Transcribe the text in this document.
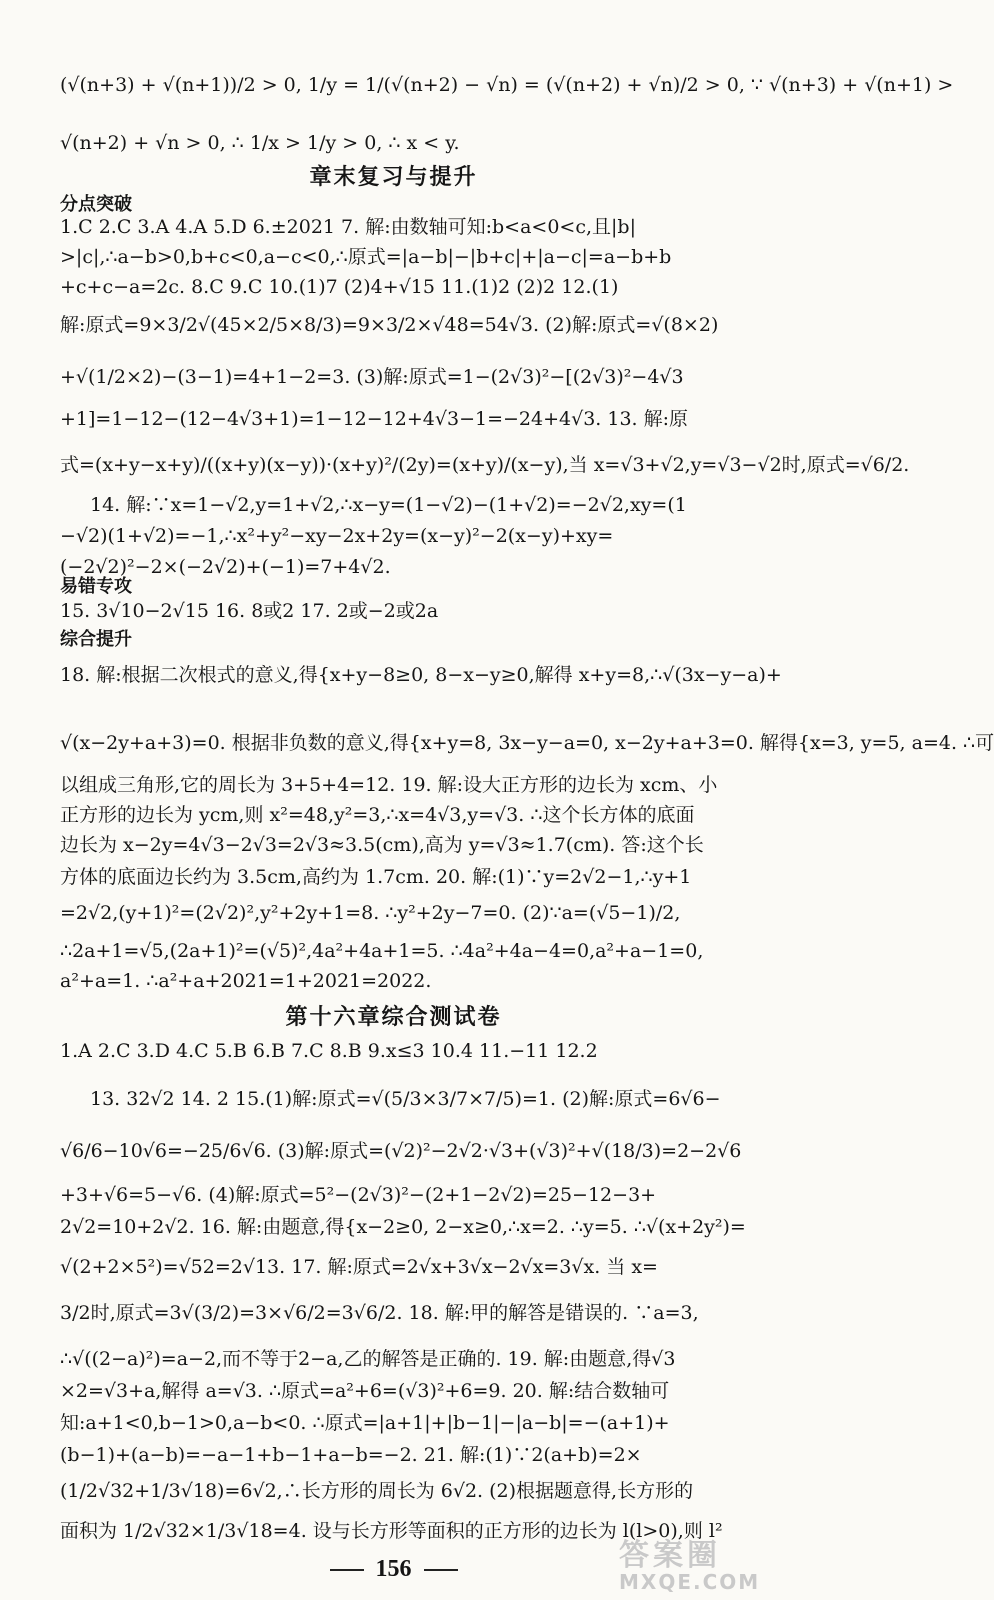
(√(n+3) + √(n+1))/2 > 0, 1/y = 1/(√(n+2) − √n) = (√(n+2) + √n)/2 > 0, ∵ √(n+3) + √(n+1) >
√(n+2) + √n > 0, ∴ 1/x > 1/y > 0, ∴ x < y.
章末复习与提升
分点突破
1.C 2.C 3.A 4.A 5.D 6.±2021 7. 解:由数轴可知:b<a<0<c,且|b|
>|c|,∴a−b>0,b+c<0,a−c<0,∴原式=|a−b|−|b+c|+|a−c|=a−b+b
+c+c−a=2c. 8.C 9.C 10.(1)7 (2)4+√15 11.(1)2 (2)2 12.(1)
解:原式=9×3/2√(45×2/5×8/3)=9×3/2×√48=54√3. (2)解:原式=√(8×2)
+√(1/2×2)−(3−1)=4+1−2=3. (3)解:原式=1−(2√3)²−[(2√3)²−4√3
+1]=1−12−(12−4√3+1)=1−12−12+4√3−1=−24+4√3. 13. 解:原
式=(x+y−x+y)/((x+y)(x−y))·(x+y)²/(2y)=(x+y)/(x−y),当 x=√3+√2,y=√3−√2时,原式=√6/2.
14. 解:∵x=1−√2,y=1+√2,∴x−y=(1−√2)−(1+√2)=−2√2,xy=(1
−√2)(1+√2)=−1,∴x²+y²−xy−2x+2y=(x−y)²−2(x−y)+xy=
(−2√2)²−2×(−2√2)+(−1)=7+4√2.
易错专攻
15. 3√10−2√15 16. 8或2 17. 2或−2或2a
综合提升
18. 解:根据二次根式的意义,得{x+y−8≥0, 8−x−y≥0,解得 x+y=8,∴√(3x−y−a)+
√(x−2y+a+3)=0. 根据非负数的意义,得{x+y=8, 3x−y−a=0, x−2y+a+3=0. 解得{x=3, y=5, a=4. ∴可
以组成三角形,它的周长为 3+5+4=12. 19. 解:设大正方形的边长为 xcm、小
正方形的边长为 ycm,则 x²=48,y²=3,∴x=4√3,y=√3. ∴这个长方体的底面
边长为 x−2y=4√3−2√3=2√3≈3.5(cm),高为 y=√3≈1.7(cm). 答:这个长
方体的底面边长约为 3.5cm,高约为 1.7cm. 20. 解:(1)∵y=2√2−1,∴y+1
=2√2,(y+1)²=(2√2)²,y²+2y+1=8. ∴y²+2y−7=0. (2)∵a=(√5−1)/2,
∴2a+1=√5,(2a+1)²=(√5)²,4a²+4a+1=5. ∴4a²+4a−4=0,a²+a−1=0,
a²+a=1. ∴a²+a+2021=1+2021=2022.
第十六章综合测试卷
1.A 2.C 3.D 4.C 5.B 6.B 7.C 8.B 9.x≤3 10.4 11.−11 12.2
13. 32√2 14. 2 15.(1)解:原式=√(5/3×3/7×7/5)=1. (2)解:原式=6√6−
√6/6−10√6=−25/6√6. (3)解:原式=(√2)²−2√2·√3+(√3)²+√(18/3)=2−2√6
+3+√6=5−√6. (4)解:原式=5²−(2√3)²−(2+1−2√2)=25−12−3+
2√2=10+2√2. 16. 解:由题意,得{x−2≥0, 2−x≥0,∴x=2. ∴y=5. ∴√(x+2y²)=
√(2+2×5²)=√52=2√13. 17. 解:原式=2√x+3√x−2√x=3√x. 当 x=
3/2时,原式=3√(3/2)=3×√6/2=3√6/2. 18. 解:甲的解答是错误的. ∵a=3,
∴√((2−a)²)=a−2,而不等于2−a,乙的解答是正确的. 19. 解:由题意,得√3
×2=√3+a,解得 a=√3. ∴原式=a²+6=(√3)²+6=9. 20. 解:结合数轴可
知:a+1<0,b−1>0,a−b<0. ∴原式=|a+1|+|b−1|−|a−b|=−(a+1)+
(b−1)+(a−b)=−a−1+b−1+a−b=−2. 21. 解:(1)∵2(a+b)=2×
(1/2√32+1/3√18)=6√2,∴长方形的周长为 6√2. (2)根据题意得,长方形的
面积为 1/2√32×1/3√18=4. 设与长方形等面积的正方形的边长为 l(l>0),则 l²
156	答案圈
MXQE.COM
